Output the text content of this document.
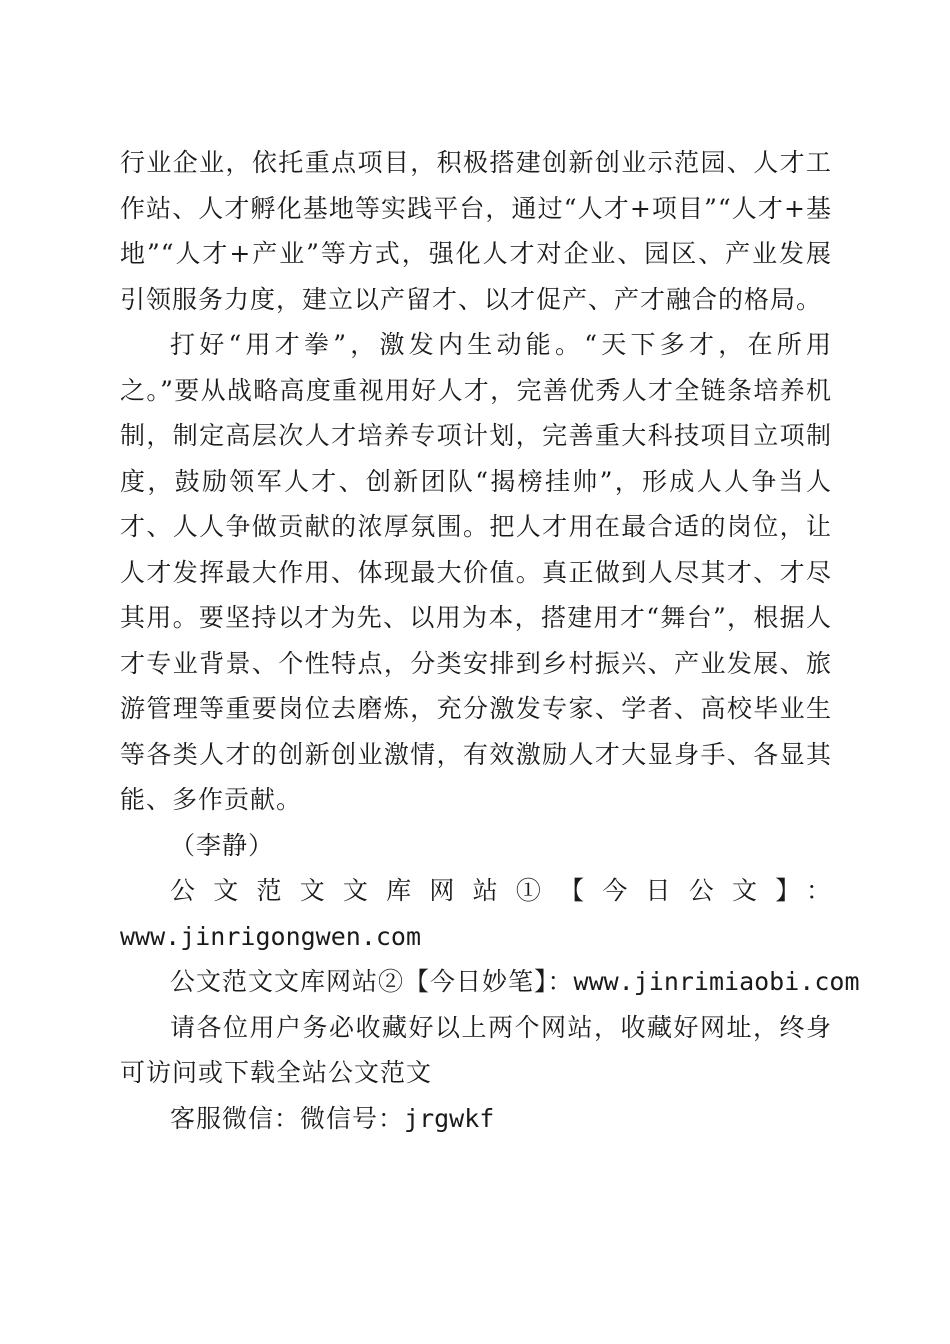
行业企业，依托重点项目，积极搭建创新创业示范园、人才工作站、人才孵化基地等实践平台，通过“人才+项目”“人才+基地”“人才+产业”等方式，强化人才对企业、园区、产业发展引领服务力度，建立以产留才、以才促产、产才融合的格局。

打好“用才拳”，激发内生动能。“天下多才，在所用之。”要从战略高度重视用好人才，完善优秀人才全链条培养机制，制定高层次人才培养专项计划，完善重大科技项目立项制度，鼓励领军人才、创新团队“揭榜挂帅”，形成人人争当人才、人人争做贡献的浓厚氛围。把人才用在最合适的岗位，让人才发挥最大作用、体现最大价值。真正做到人尽其才、才尽其用。要坚持以才为先、以用为本，搭建用才“舞台”，根据人才专业背景、个性特点，分类安排到乡村振兴、产业发展、旅游管理等重要岗位去磨炼，充分激发专家、学者、高校毕业生等各类人才的创新创业激情，有效激励人才大显身手、各显其能、多作贡献。

（李静）

公文范文文库网站①【今日公文】：
www.jinrigongwen.com

公文范文文库网站②【今日妙笔】：www.jinrimiaobi.com

请各位用户务必收藏好以上两个网站，收藏好网址，终身可访问或下载全站公文范文

客服微信：微信号：jrgwkf
